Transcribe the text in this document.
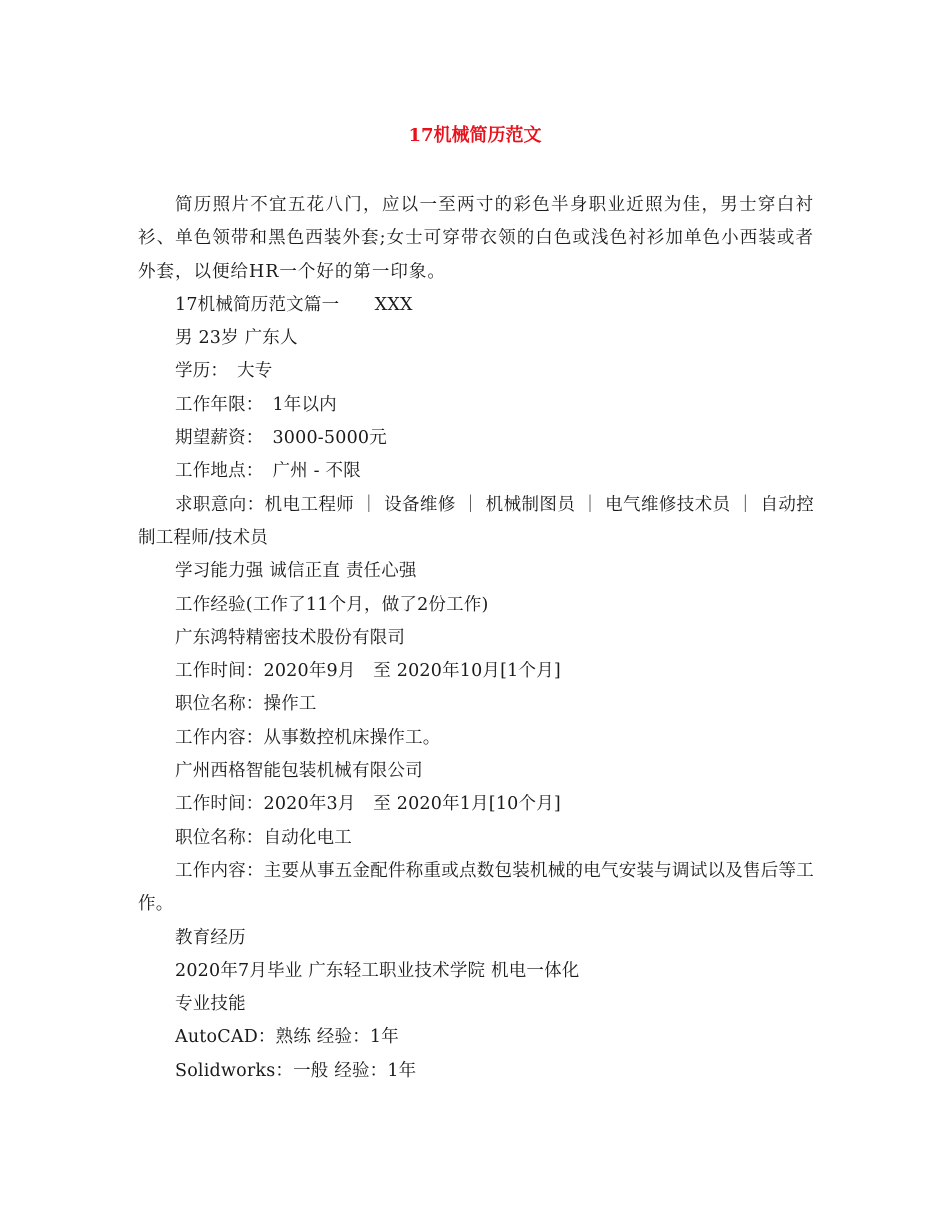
17机械简历范文

简历照片不宜五花八门，应以一至两寸的彩色半身职业近照为佳，男士穿白衬衫、单色领带和黑色西装外套;女士可穿带衣领的白色或浅色衬衫加单色小西装或者外套，以便给HR一个好的第一印象。

17机械简历范文篇一　　XXX

男 23岁 广东人

学历：　大专

工作年限：　1年以内

期望薪资：　3000-5000元

工作地点：　广州 - 不限

求职意向：机电工程师 ｜ 设备维修 ｜ 机械制图员 ｜ 电气维修技术员 ｜ 自动控制工程师/技术员

学习能力强 诚信正直 责任心强

工作经验(工作了11个月，做了2份工作)

广东鸿特精密技术股份有限司

工作时间：2020年9月　至 2020年10月[1个月]

职位名称：操作工

工作内容：从事数控机床操作工。

广州西格智能包装机械有限公司

工作时间：2020年3月　至 2020年1月[10个月]

职位名称：自动化电工

工作内容：主要从事五金配件称重或点数包装机械的电气安装与调试以及售后等工作。

教育经历

2020年7月毕业 广东轻工职业技术学院 机电一体化

专业技能

AutoCAD：熟练 经验：1年

Solidworks：一般 经验：1年
